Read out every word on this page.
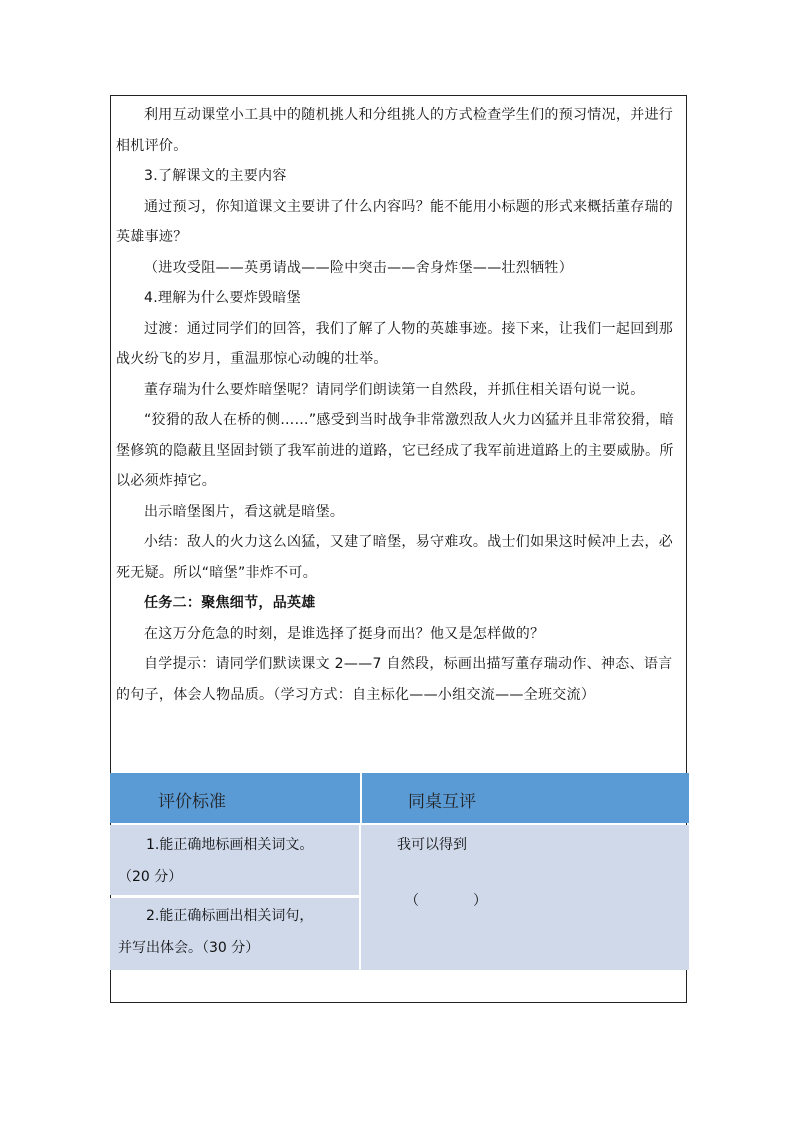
利用互动课堂小工具中的随机挑人和分组挑人的方式检查学生们的预习情况，并进行相机评价。

3.了解课文的主要内容

通过预习，你知道课文主要讲了什么内容吗？能不能用小标题的形式来概括董存瑞的英雄事迹？

（进攻受阻——英勇请战——险中突击——舍身炸堡——壮烈牺牲）

4.理解为什么要炸毁暗堡

过渡：通过同学们的回答，我们了解了人物的英雄事迹。接下来，让我们一起回到那战火纷飞的岁月，重温那惊心动魄的壮举。

董存瑞为什么要炸暗堡呢？请同学们朗读第一自然段，并抓住相关语句说一说。

“狡猾的敌人在桥的侧……”感受到当时战争非常激烈敌人火力凶猛并且非常狡猾，暗堡修筑的隐蔽且坚固封锁了我军前进的道路，它已经成了我军前进道路上的主要威胁。所以必须炸掉它。

出示暗堡图片，看这就是暗堡。

小结：敌人的火力这么凶猛，又建了暗堡，易守难攻。战士们如果这时候冲上去，必死无疑。所以“暗堡”非炸不可。

任务二：聚焦细节，品英雄

在这万分危急的时刻，是谁选择了挺身而出？他又是怎样做的？

自学提示：请同学们默读课文 2——7 自然段，标画出描写董存瑞动作、神态、语言的句子，体会人物品质。（学习方式：自主标化——小组交流——全班交流）

评价标准	同桌互评
1.能正确地标画相关词文。
（20 分）
2.能正确标画出相关词句，
并写出体会。（30 分）
我可以得到
（	）
